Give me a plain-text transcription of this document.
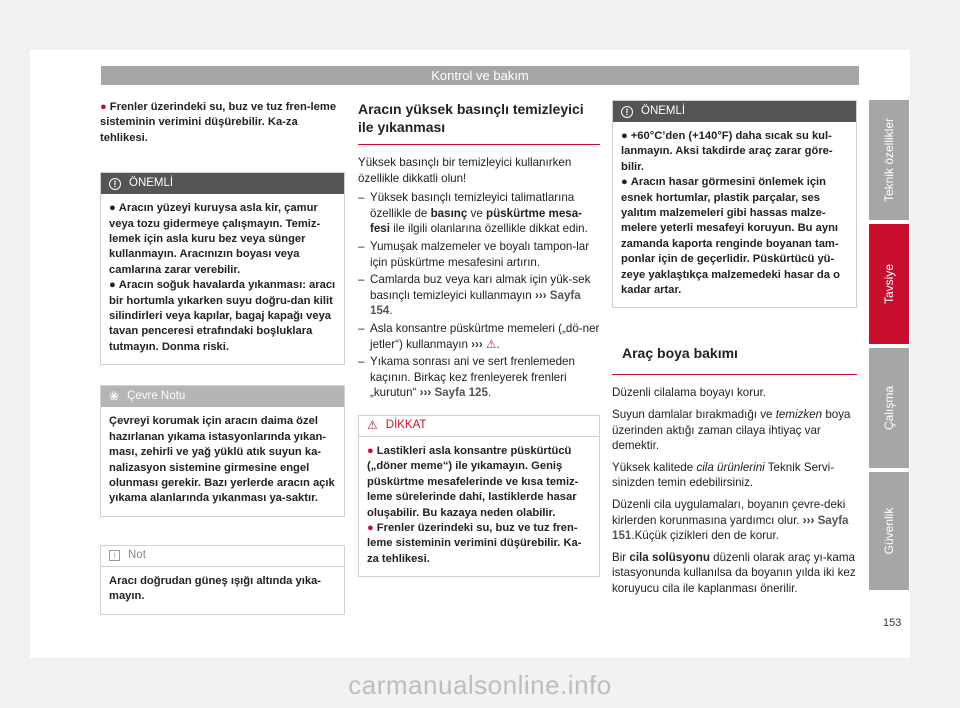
Kontrol ve bakım
● Frenler üzerindeki su, buz ve tuz fren-leme sisteminin verimini düşürebilir. Ka-za tehlikesi.
!	ÖNEMLİ

● Aracın yüzeyi kuruysa asla kir, çamur veya tozu gidermeye çalışmayın. Temiz-lemek için asla kuru bez veya sünger kullanmayın. Aracınızın boyası veya camlarına zarar verebilir.

● Aracın soğuk havalarda yıkanması: aracı bir hortumla yıkarken suyu doğru-dan kilit silindirleri veya kapılar, bagaj kapağı veya tavan penceresi etrafındaki boşluklara tutmayın. Donma riski.

❀ Çevre Notu
Çevreyi korumak için aracın daima özel hazırlanan yıkama istasyonlarında yıkan-ması, zehirli ve yağ yüklü atık suyun ka-nalizasyon sistemine girmesine engel olunması gerekir. Bazı yerlerde aracın açık yıkama alanlarında yıkanması ya-saktır.
i	Not
Aracı doğrudan güneş ışığı altında yıka-mayın.
Aracın yüksek basınçlı temizleyici ile yıkanması

Yüksek basınçlı bir temizleyici kullanırken özellikle dikkatli olun!

– Yüksek basınçlı temizleyici talimatlarına özellikle de basınç ve püskürtme mesa-fesi ile ilgili olanlarına özellikle dikkat edin.
– Yumuşak malzemeler ve boyalı tampon-lar için püskürtme mesafesini artırın.
– Camlarda buz veya karı almak için yük-sek basınçlı temizleyici kullanmayın ››› Sayfa 154.
– Asla konsantre püskürtme memeleri („dö-ner jetler“) kullanmayın ››› ⚠.
– Yıkama sonrası ani ve sert frenlemeden kaçının. Birkaç kez frenleyerek frenleri „kurutun“ ››› Sayfa 125.
⚠ DİKKAT

● Lastikleri asla konsantre püskürtücü („döner meme“) ile yıkamayın. Geniş püskürtme mesafelerinde ve kısa temiz-leme sürelerinde dahi, lastiklerde hasar oluşabilir. Bu kazaya neden olabilir.

● Frenler üzerindeki su, buz ve tuz fren-leme sisteminin verimini düşürebilir. Ka-za tehlikesi.

!	ÖNEMLİ

● +60°C’den (+140°F) daha sıcak su kul-lanmayın. Aksi takdirde araç zarar göre-bilir.

● Aracın hasar görmesini önlemek için esnek hortumlar, plastik parçalar, ses yalıtım malzemeleri gibi hassas malze-melere yeterli mesafeyi koruyun. Bu aynı zamanda kaporta renginde boyanan tam-ponlar için de geçerlidir. Püskürtücü yü-zeye yaklaştıkça malzemedeki hasar da o kadar artar.

Araç boya bakımı

Düzenli cilalama boyayı korur.

Suyun damlalar bırakmadığı ve temizken boya üzerinden aktığı zaman cilaya ihtiyaç var demektir.

Yüksek kalitede cila ürünlerini Teknik Servi-sinizden temin edebilirsiniz.

Düzenli cila uygulamaları, boyanın çevre-deki kirlerden korunmasına yardımcı olur. ››› Sayfa 151.Küçük çizikleri den de korur.

Bir cila solüsyonu düzenli olarak araç yı-kama istasyonunda kullanılsa da boyanın yılda iki kez koruyucu cila ile kaplanması önerilir.

Teknik özellikler
Tavsiye
Çalışma
Güvenlik
153
carmanualsonline.info
